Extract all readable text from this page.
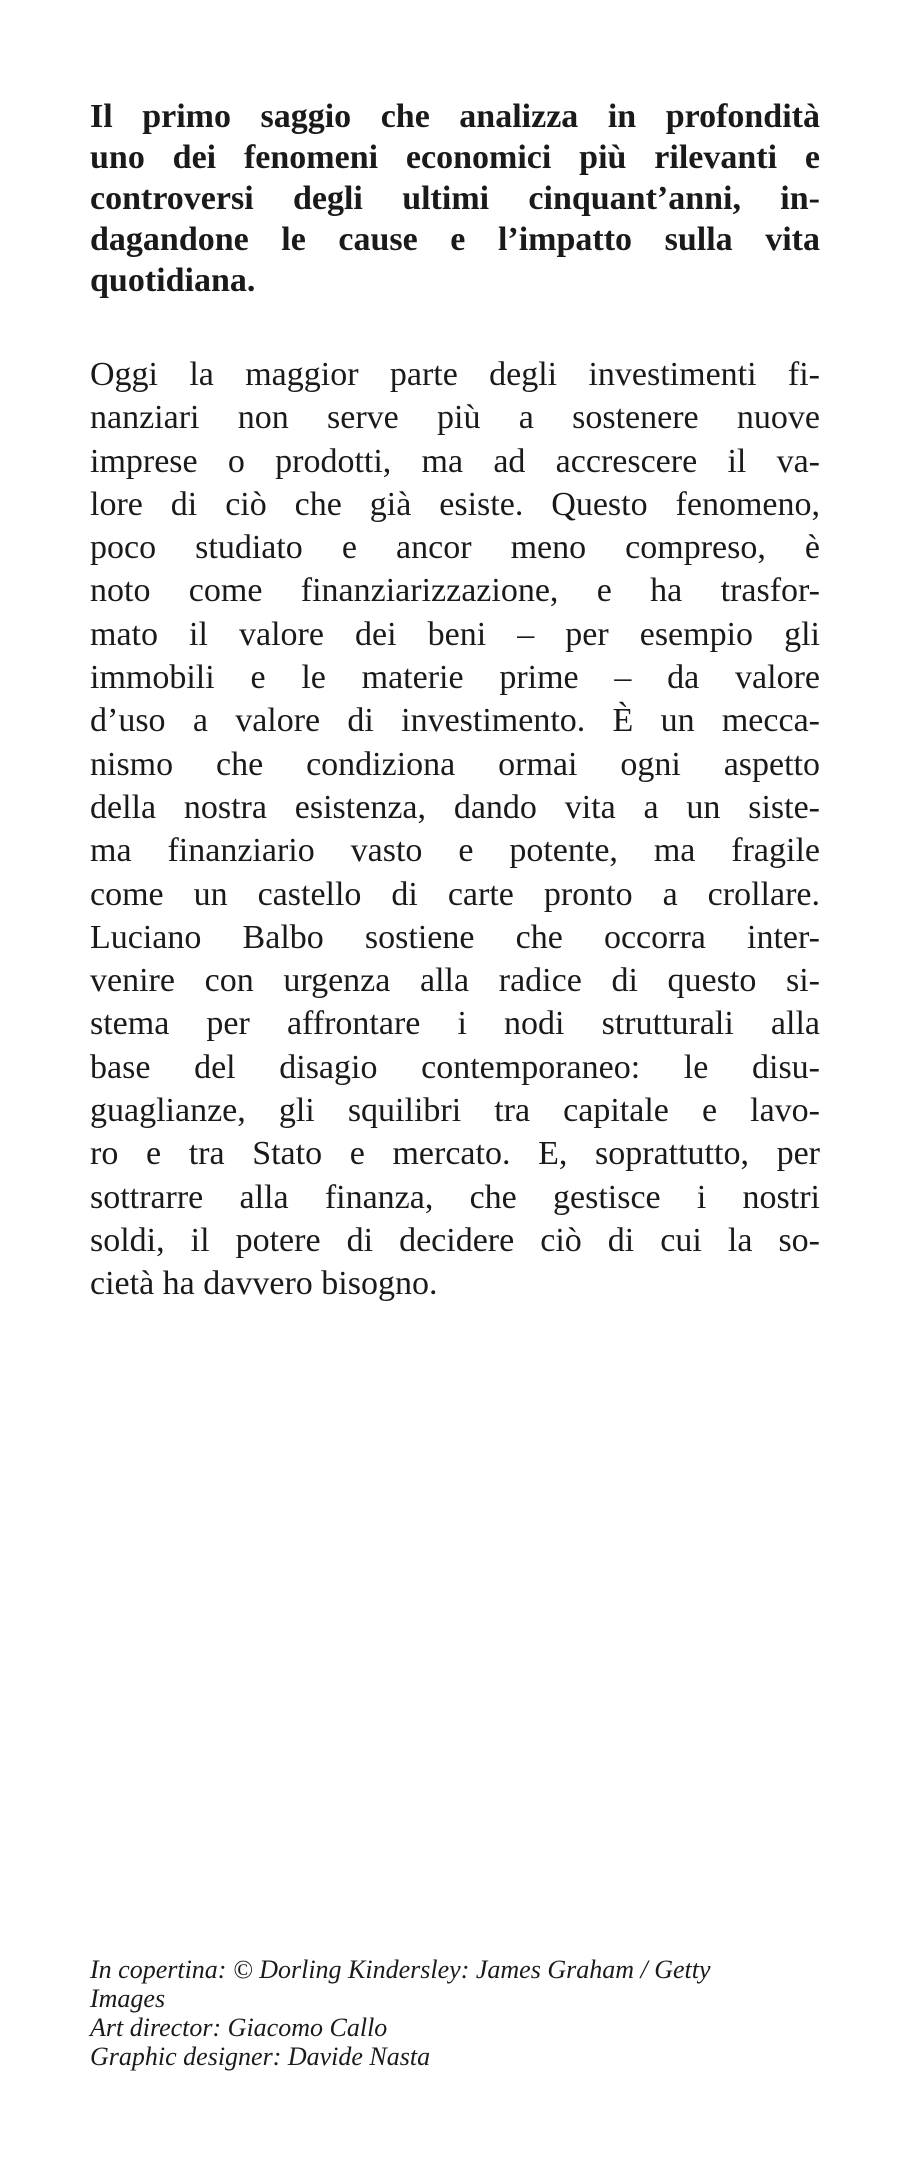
Il primo saggio che analizza in profondità
uno dei fenomeni economici più rilevanti e
controversi degli ultimi cinquant’anni, in-
dagandone le cause e l’impatto sulla vita
quotidiana.

Oggi la maggior parte degli investimenti fi-
nanziari non serve più a sostenere nuove
imprese o prodotti, ma ad accrescere il va-
lore di ciò che già esiste. Questo fenomeno,
poco studiato e ancor meno compreso, è
noto come finanziarizzazione, e ha trasfor-
mato il valore dei beni – per esempio gli
immobili e le materie prime – da valore
d’uso a valore di investimento. È un mecca-
nismo che condiziona ormai ogni aspetto
della nostra esistenza, dando vita a un siste-
ma finanziario vasto e potente, ma fragile
come un castello di carte pronto a crollare.
Luciano Balbo sostiene che occorra inter-
venire con urgenza alla radice di questo si-
stema per affrontare i nodi strutturali alla
base del disagio contemporaneo: le disu-
guaglianze, gli squilibri tra capitale e lavo-
ro e tra Stato e mercato. E, soprattutto, per
sottrarre alla finanza, che gestisce i nostri
soldi, il potere di decidere ciò di cui la so-
cietà ha davvero bisogno.

In copertina: © Dorling Kindersley: James Graham / Getty
Images
Art director: Giacomo Callo
Graphic designer: Davide Nasta
